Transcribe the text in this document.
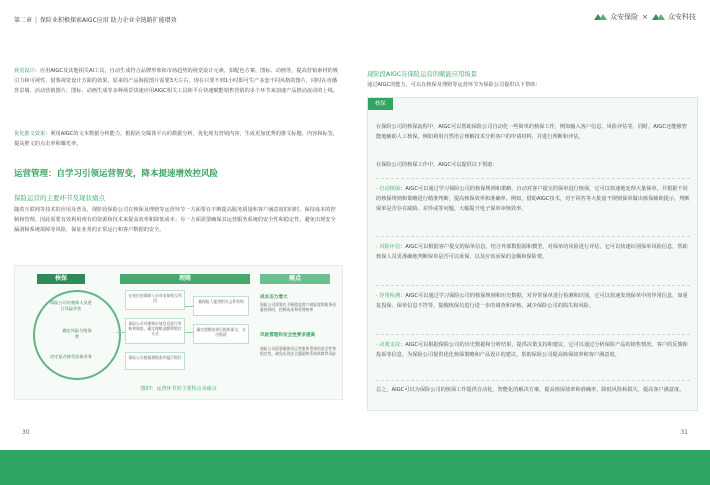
第二章 | 保险业积极探索AIGC应用 助力企业全链路扩能增效
视觉设计：应用AIGC及其他相关AI工具，自动生成符合品牌形象和市场趋势的视觉设计元素，如配色方案、图标、动画等，提高营销素材的吸引力和可视性。借鉴视觉设计方面的效果，原来的产品海报图片需要3天左右，现在只要不到1小时即可生产多套不同风格的图片，同时在直播背景墙、活动营销图片、图标、动画生成等多种场景快速应用AIGC相关工具和平台快速赋能销售营销的多个环节来加速产品推动流动的上线。
优化推文效果：利用AIGC的文本数据分析能力，根据社交媒体平台的数据分析，优化现有营销内容，生成更加优秀的推文标题、内容和标签，提高推文的点击率和曝光率。
运营管理：自学习引领运营智变，降本提速增效控风险
保险运营的主要环节及现状痛点
随着互联网等技术的应用及普及，现阶段保险公司在核保及理赔等运营环节一方面要在不断提高服务质量和客户满意度的同时，保持成本的控制和管理，因此需要有效利用现有的资源和技术来提高效率和降低成本；另一方面需要确保其运营服务系统的安全性和稳定性，避免出现安全漏洞和系统故障等风险，保证业务的正常运行和客户数据的安全。
核保	理赔	痛点
保险公司对被保人员进行风险评估
确定风险分级保费
决定是否接受投保业务
在担任的保障人员对承保相互利用
保险公司对理赔申请信息进行审核和调查，确定理赔金额和赔付方式
保险公司根据理赔条件履行赔付
被保险人提供相关文件资料
确定理赔结果后组织保全，支付赔款
成本压力增大
保险公司需要在不断提高客户满意度和服务质量的同时，控制成本和管理效率
风险管理和安全性要求提高
保险公司需要确保其运营服务系统的安全性和稳定性，避免出现安全漏洞和系统故障等风险
图07：运营环节的主要特点及痛点
30
众安保险 ×	众安科技
现阶段AIGC在保险运营的赋能应用场景
通过AIGC的能力，可以在核保及理赔等运营环节为保险公司提供以下帮助：
核保
在保险公司的核保流程中，AIGC可以帮助保险公司自动化一些简单的核保工作，例如输入客户信息、风险评估等。同时，AIGC还能够智能地辅助人工核保，例如利用自然语言理解技术分析客户的申请材料，并进行判断和评估。
在保险公司的核保工作中，AIGC可以提供以下帮助：
· 自动核保：AIGC可以通过学习保险公司的核保规则和策略，自动对客户提交的保单进行核保，它可以快速地处理大量保单，并根据不同的核保规则和策略进行精准判断，提高核保效率和准确率。例如，借助AIGC技术，对于回答等大批量不规则保单做出核保辅助提示，判断保单是否存在缺陷、差异或等问题，大幅提升电子保单审核效率。
· 风险评估：AIGC可以根据客户提交的保单信息，结合外部数据源和模型，对保单的风险进行评估，它可以快速识别保单风险信息，帮助核保人员更准确地判断保单是否可以承保，以及应该承保的金额和保险费。
· 异常检测：AIGC可以通过学习保险公司的核保规则和历史数据，对异常保单进行检测和识别，它可以快速发现保单中的异常信息，如重复投保、保单信息不符等，提醒核保员进行进一步的调查和审核，减少保险公司的损失和风险。
· 决策支持：AIGC可以根据保险公司的历史数据和分析结果，提供决策支持和建议，它可以通过分析保险产品的销售情况、客户的反馈和投诉等信息，为保险公司提供优化核保策略和产品设计的建议，帮助保险公司提高核保效率和客户满意度。
总之，AIGC可以为保险公司的核保工作提供自动化、智能化的解决方案，提高核保效率和准确率，降低风险和损失，提高客户满意度。
31
